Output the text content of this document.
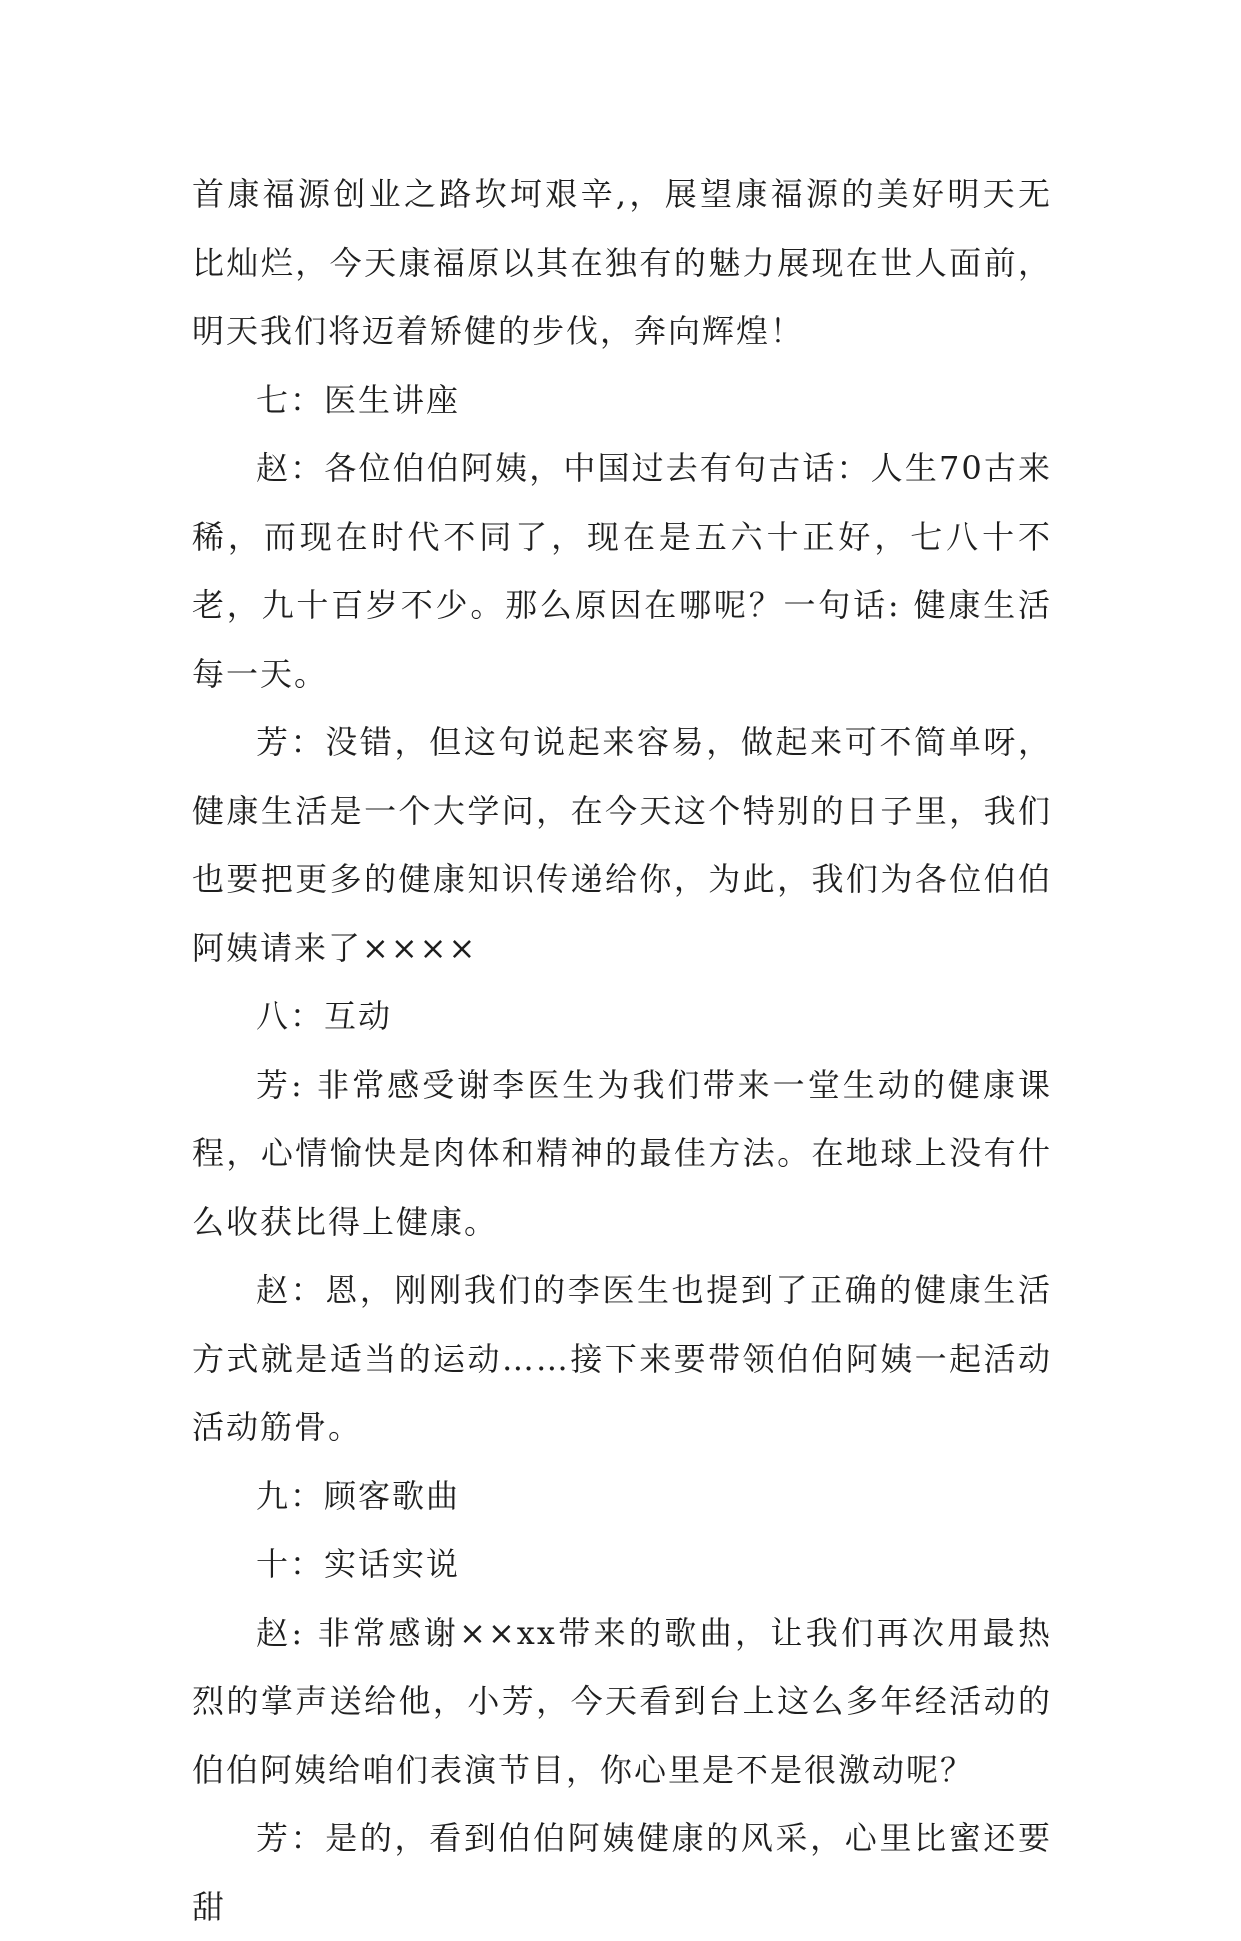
首康福源创业之路坎坷艰辛,，展望康福源的美好明天无比灿烂，今天康福原以其在独有的魅力展现在世人面前，明天我们将迈着矫健的步伐，奔向辉煌！

七：医生讲座

赵：各位伯伯阿姨，中国过去有句古话：人生70古来稀，而现在时代不同了，现在是五六十正好，七八十不老，九十百岁不少。那么原因在哪呢？一句话: 健康生活每一天。

芳：没错，但这句说起来容易，做起来可不简单呀，健康生活是一个大学问，在今天这个特别的日子里，我们也要把更多的健康知识传递给你，为此，我们为各位伯伯阿姨请来了××××

八：互动

芳: 非常感受谢李医生为我们带来一堂生动的健康课程，心情愉快是肉体和精神的最佳方法。在地球上没有什么收获比得上健康。

赵：恩，刚刚我们的李医生也提到了正确的健康生活方式就是适当的运动……接下来要带领伯伯阿姨一起活动活动筋骨。

九：顾客歌曲

十：实话实说

赵: 非常感谢××xx带来的歌曲，让我们再次用最热烈的掌声送给他，小芳，今天看到台上这么多年经活动的伯伯阿姨给咱们表演节目，你心里是不是很激动呢？

芳：是的，看到伯伯阿姨健康的风采，心里比蜜还要甜
